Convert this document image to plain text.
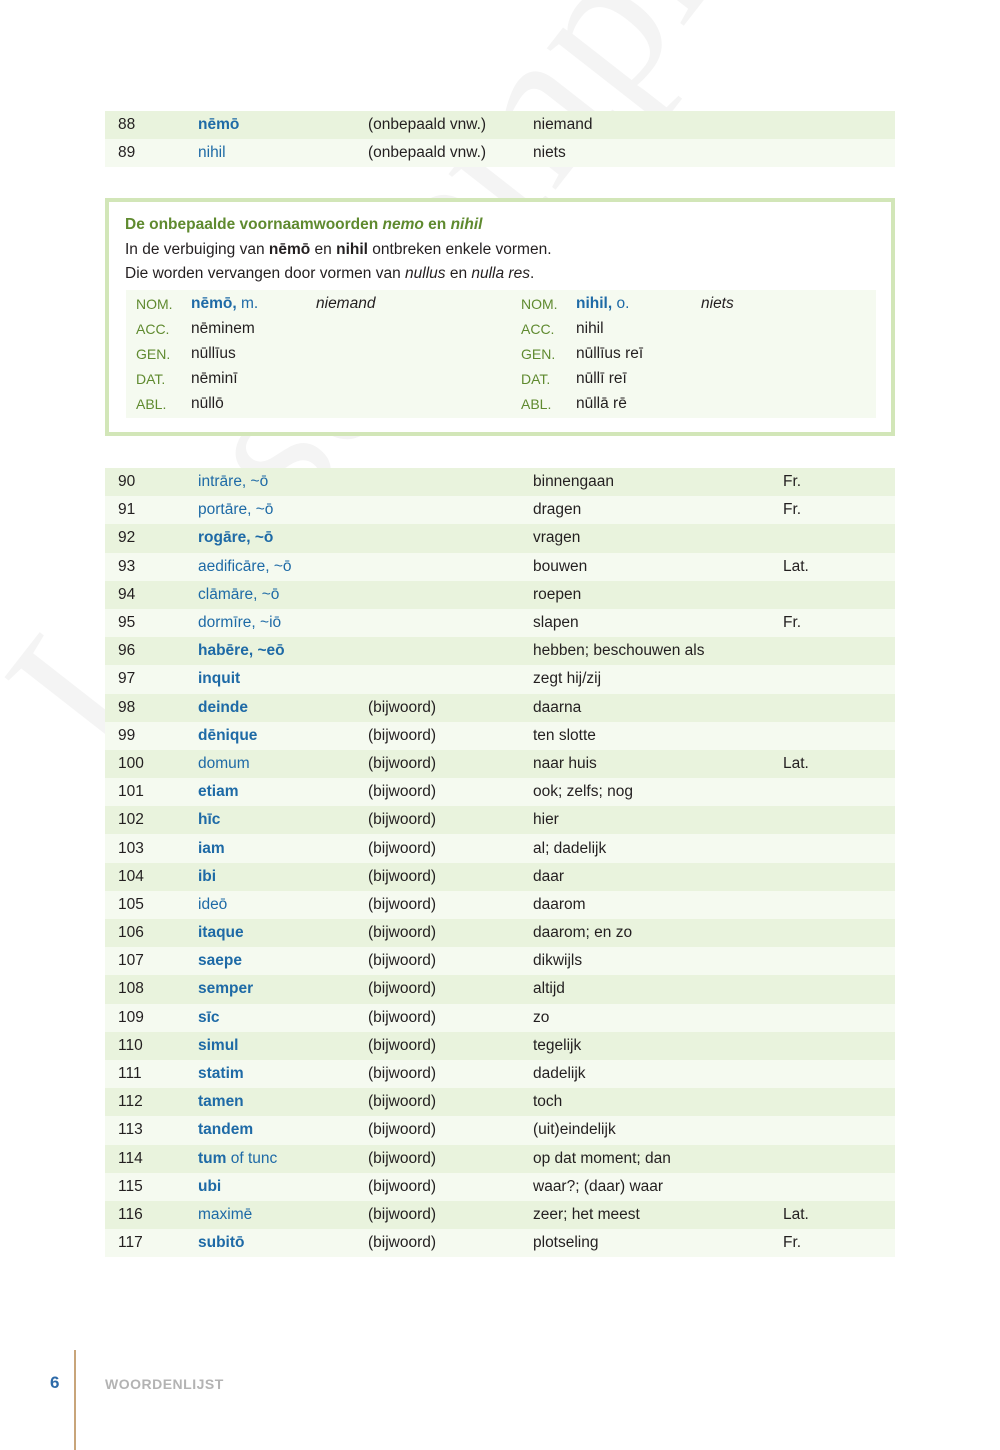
88	nēmō	(onbepaald vnw.)	niemand	
89	nihil	(onbepaald vnw.)	niets	
De onbepaalde voornaamwoorden nemo en nihil
In de verbuiging van nēmō en nihil ontbreken enkele vormen.
Die worden vervangen door vormen van nullus en nulla res.
NOM. nēmō, m.	niemand
ACC. nēminem
GEN. nūllīus
DAT. nēminī
ABL. nūllō
NOM. nihil, o.	niets
ACC. nihil
GEN. nūllīus reī
DAT. nūllī reī
ABL. nūllā rē
90	intrāre, ~ō		binnengaan	Fr.
91	portāre, ~ō		dragen	Fr.
92	rogāre, ~ō		vragen	
93	aedificāre, ~ō		bouwen	Lat.
94	clāmāre, ~ō		roepen	
95	dormīre, ~iō		slapen	Fr.
96	habēre, ~eō		hebben; beschouwen als	
97	inquit		zegt hij/zij	
98	deinde	(bijwoord)	daarna	
99	dēnique	(bijwoord)	ten slotte	
100	domum	(bijwoord)	naar huis	Lat.
101	etiam	(bijwoord)	ook; zelfs; nog	
102	hīc	(bijwoord)	hier	
103	iam	(bijwoord)	al; dadelijk	
104	ibi	(bijwoord)	daar	
105	ideō	(bijwoord)	daarom	
106	itaque	(bijwoord)	daarom; en zo	
107	saepe	(bijwoord)	dikwijls	
108	semper	(bijwoord)	altijd	
109	sīc	(bijwoord)	zo	
110	simul	(bijwoord)	tegelijk	
111	statim	(bijwoord)	dadelijk	
112	tamen	(bijwoord)	toch	
113	tandem	(bijwoord)	(uit)eindelijk	
114	tum of tunc	(bijwoord)	op dat moment; dan	
115	ubi	(bijwoord)	waar?; (daar) waar	
116	maximē	(bijwoord)	zeer; het meest	Lat.
117	subitō	(bijwoord)	plotseling	Fr.
6	WOORDENLIJST
